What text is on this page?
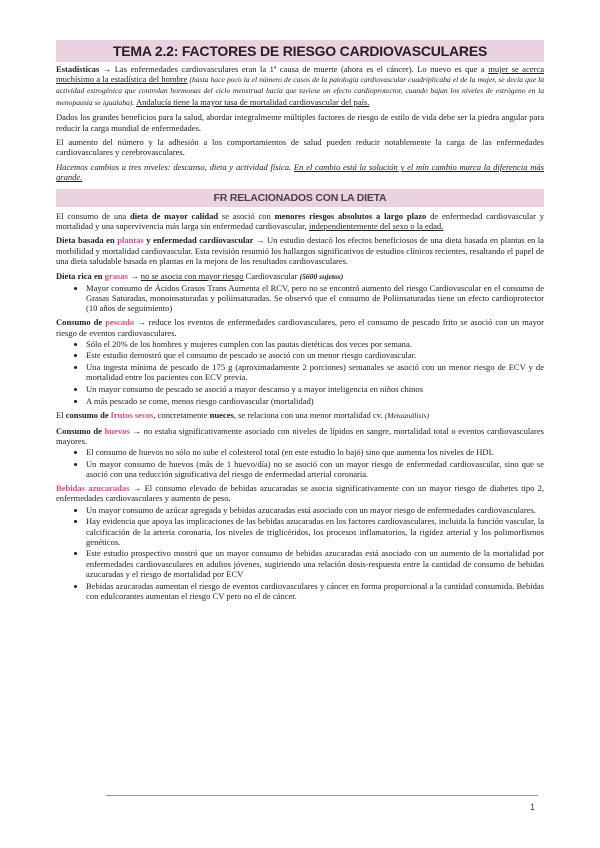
TEMA 2.2: FACTORES DE RIESGO CARDIOVASCULARES

Estadísticas → Las enfermedades cardiovasculares eran la 1ª causa de muerte (ahora es el cáncer). Lo nuevo es que a mujer se acerca muchísimo a la estadística del hombre (hasta hace poco la el número de casos de la patología cardiovascular cuadriplicaba el de la mujer, se decía que la actividad estrogénica que controlan hormonas del ciclo menstrual hacía que tuviese un efecto cardioprotector, cuando bajan los niveles de estrógeno en la menopausia se igualaba). Andalucía tiene la mayor tasa de mortalidad cardiovascular del país.

Dados los grandes beneficios para la salud, abordar integralmente múltiples factores de riesgo de estilo de vida debe ser la piedra angular para reducir la carga mundial de enfermedades.

El aumento del número y la adhesión a los comportamientos de salud pueden reducir notablemente la carga de las enfermedades cardiovasculares y cerebrovasculares.

Hacemos cambios a tres niveles: descanso, dieta y actividad física. En el cambio está la solución y el mín cambio marca la diferencia más grande.

FR RELACIONADOS CON LA DIETA

El consumo de una dieta de mayor calidad se asoció con menores riesgos absolutos a largo plazo de enfermedad cardiovascular y mortalidad y una supervivencia más larga sin enfermedad cardiovascular, independientemente del sexo o la edad.

Dieta basada en plantas y enfermedad cardiovascular → Un estudio destacó los efectos beneficiosos de una dieta basada en plantas en la morbilidad y mortalidad cardiovascular. Esta revisión resumió los hallazgos significativos de estudios clínicos recientes, resaltando el papel de una dieta saludable basada en plantas en la mejora de los resultados cardiovasculares.

Dieta rica en grasas → no se asocia con mayor riesgo Cardiovascular (5600 sujetos)

• Mayor consumo de Ácidos Grasos Trans Aumenta el RCV, pero no se encontró aumento del riesgo Cardiovascular en el consumo de Grasas Saturadas, monoinsaturadas y poliinsaturadas. Se observó que el consumo de Poliinsaturadas tiene un efecto cardioprotector (10 años de seguimiento)

Consumo de pescado → reduce los eventos de enfermedades cardiovasculares, pero el consumo de pescado frito se asoció con un mayor riesgo de eventos cardiovasculares.

• Sólo el 20% de los hombres y mujeres cumplen con las pautas dietéticas dos veces por semana.
• Este estudio demostró que el consumo de pescado se asoció con un menor riesgo cardiovascular.
• Una ingesta mínima de pescado de 175 g (aproximadamente 2 porciones) semanales se asoció con un menor riesgo de ECV y de mortalidad entre los pacientes con ECV previa.
• Un mayor consumo de pescado se asoció a mayor descanso y a mayor inteligencia en niños chinos
• A más pescado se come, menos riesgo cardiovascular (mortalidad)

El consumo de frutos secos, concretamente nueces, se relaciona con una menor mortalidad cv. (Metaanálisis)

Consumo de huevos → no estaba significativamente asociado con niveles de lípidos en sangre, mortalidad total o eventos cardiovasculares mayores.

• El consumo de huevos no sólo no sube el colesterol total (en este estudio lo bajó) sino que aumenta los niveles de HDL
• Un mayor consumo de huevos (más de 1 huevo/día) no se asoció con un mayor riesgo de enfermedad cardiovascular, sino que se asoció con una reducción significativa del riesgo de enfermedad arterial coronaria.

Bebidas azucaradas → El consumo elevado de bebidas azucaradas se asocia significativamente con un mayor riesgo de diabetes tipo 2, enfermedades cardiovasculares y aumento de peso.

• Un mayor consumo de azúcar agregada y bebidas azucaradas está asociado con un mayor riesgo de enfermedades cardiovasculares.
• Hay evidencia que apoya las implicaciones de las bebidas azucaradas en los factores cardiovasculares, incluida la función vascular, la calcificación de la arteria coronaria, los niveles de triglicéridos, los procesos inflamatorios, la rigidez arterial y los polimorfismos genéticos.
• Este estudio prospectivo mostró que un mayor consumo de bebidas azucaradas está asociado con un aumento de la mortalidad por enfermedades cardiovasculares en adultos jóvenes, sugiriendo una relación dosis-respuesta entre la cantidad de consumo de bebidas azucaradas y el riesgo de mortalidad por ECV
• Bebidas azucaradas aumentan el riesgo de eventos cardiovasculares y cáncer en forma proporcional a la cantidad consumida. Bebidas con edulcorantes aumentan el riesgo CV pero no el de cáncer.
1
